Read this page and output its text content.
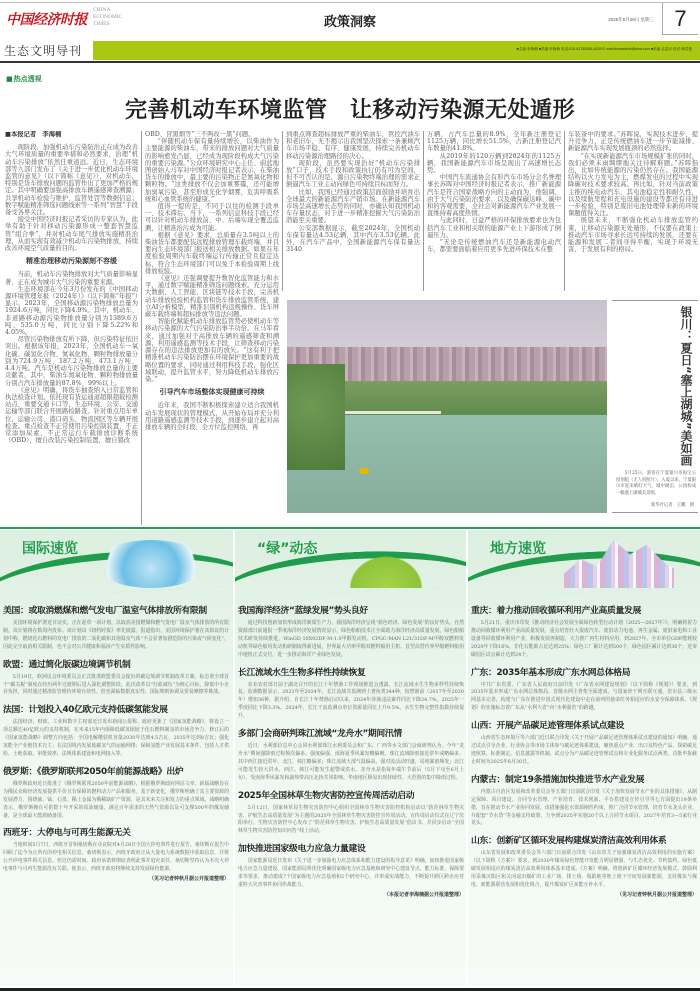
中国经济时报
CHINA
ECONOMIC
TIMES	政策洞察	2025年5月28日 星期三 7
生态文明导刊	■主编:李海楠 ■责编:李海楠 电话:010-81785185-3025 E-mail:blueseafish@sina.com ■美编:孟雷亦 校对:梅雪蕾
■ 热点透视
完善机动车环境监管　让移动污染源无处遁形

■本报记者　李海楠

现阶段，加强机动车污染防治正在成为改善大气环境质量的重要举措和必然要求，治理“机动车污染排放”依然任重道远。近日，生态环境部等九部门发布了《关于进一步优化机动车环境监管的意见》（以下简称《意见》），对机动车，特别是货车排放问题的监管作出了更加严格的规定。其中明确要加强高排放车辆遥感筛查溯源；共享机动车检验与维护、监管处罚等数据信息；数字赋能精准筛选问题线索等一系列“智慧”手段备受各界关注。

接受中国经济时报记者采访的专家认为，此举有助于针对移动污染源形成一整套智慧监管“组合拳”，并对机动车尾气排放实施精准治理，从而实现有效减少机动车污染物排放，持续改善环境空气质量的目的。

精准治理移动污染源刻不容缓

当前，机动车污染物排放对大气质量影响显著，正在成为城市大气污染的重要来源。

生态环境部在今年3月份发布的《中国移动源环境管理年报（2024年）》（以下简称“年报”）显示，2023年，全国移动源污染物排放总量为1924.6万吨，同比下降4.9%。其中，机动车、非道路移动源污染物排放量分别为1389.6万吨、535.0万吨，同比分别下降5.22%和4.05%。

尽管污染物排放有所下降，但污染特征依旧突出。根据该年报，2023年，全国机动车一氧化碳、碳氢化合物、氮氧化物、颗粒物排放量分别为724.9万吨、187.2万吨、473.1万吨、4.4万吨。汽车是机动车污染物排放总量的主要贡献者，其中，柴油车氮氧化物、颗粒物排放量分别占汽车排放量的87.8%、99%以上。

《意见》明确，将货车抽查纳入日常监管和执法检查计划。依托现有货运通道超限超载检测站点、重要交通卡口等，生态环境、公安、交通运输等部门联合开展路检路查。针对重点用车单位、运输公司、港口码头、物流园区等车辆开展检查。重点检查不正常使用污染控制装置、不正常添加尿素、不正常运行车载排放诊断系统（OBD），擅自改装污染控制装置，擅自篡改

OBD、冒黑烟等“三不两改一黑”问题。

“伴随机动车保有量持续增长，以柴油作为主要能源的柴油车，带来的排放问题对大气质量的影响愈发凸显，已经成为现阶段构成大气污染的重要污染源。”公众环境研究中心主任、蔚蓝地图创始人马军对中国经济时报记者表示，在柴油货车的排放中，最主要的污染物正是氮氧化物和颗粒物。“这类排放不仅会加重雾霾，还可能增加臭氧污染，甚至形成光化学烟雾，危害呼吸系统和心血管系统的健康。”

值得一提的是，不同于以往的检测手段单一、技术滞后，当下，一系列信息科技手段已经可以针对机动车排放前、中、后端实现全覆盖监测，让精准治污成为可能。

根据《意见》要求，总质量在3.5吨以上的柴油货车都要配装远程排放管理车载终端，并且要向生态环境部门报送相关排放数据。如果在年度检验周期内车载终端运行传输正常且稳定达标，符合生态环境部门可以免于本检验周期上线排放检验。

《意见》还强调要提升数智化监管能力和水平，通过数字赋能精准筛选问题线索。充分运用大数据、人工智能、区块链等技术手段，完善机动车排放检验机构监管和货车排放监管系统，建立AI分析模型，精准识别机构违规操作、货车屏蔽车载终端和超标排放等违法问题。

智能化赋能机动车排放监管势必使机动车等移动污染源的大气污染防治事半功倍。在马军看来，通过加强对于高排放车辆的遥感筛查和溯源，利用遥感监测等技术手段，让筛查移动污染源存在的违法排放更加有的放矢。“这有利于把精准机动车污染防治摆在环境保护更加重要的战略位置的要求，同时通过利用科技手段，强化区域联动，提升监管水平，努力降低机动车排放污染。”

引导汽车市场整体实现健康可持续

近年来，我国不断积极探索建立适合我国机动车发展现状的管理模式，从开始布局并充分利用道路遥感监测等技术手段，到逐步建立起对高排放车辆的全时段、全方位监控网络，再

到重点筛查超标排放严重的柴油车，管控汽油车和老旧车，无不揭示出我国坚决探索一条兼顾汽车市场平稳、有序、健康发展，持续完善机动车移动污染源治理路径的决心。

现阶段，虽然要实现治好“机动车污染排放”口子，技术手段和政策执行仍有可为空间，但不可否认的是，源自污染物终端治理的需求正倒逼汽车工业主动向绿色可持续目标而努力。

比如，我国已经通过政策层面鼓励并培育出全球最大的新能源汽车产销市场。在新能源汽车市场呈高速增长态势的同时，亦确认知我国机动车存量状态，对于进一步精准挖掘大气污染防治潜能至关重要。

公安部数据显示，截至2024年，全国机动车保有量达4.53亿辆，其中汽车3.53亿辆。此外，在汽车产品中，全国新能源汽车保有量达3140

万辆，占汽车总量的8.9%，全年新注册登记1125万辆，同比增长51.5%，占新注册登记汽车数量的41.8%。

从2019年的120万辆到2024年的1125万辆，我国新能源汽车市场呈现出了高速增长态势。

中国汽车流通协会有形汽车市场分会名誉理事长苏晖对中国经济时报记者表示，推广新能源汽车是符合国家战略方向的主动而为，他强调，由于大气污染防治要求，以及确保碳达峰、碳中和的客观需要，全社会对新能源汽车产业发展一直维持着高度热情。

与此同时，日益严格的环保排放要求也为包括汽车工业和相关联的能源产业上下游形成了倒逼压力。

“无论是传统燃油汽车还是新能源电动汽车，都需要面临着应用更多先进环保技术在整

车装备中的要求。”苏晖说，实现技术进步、提升竞争力，正是传统燃油车进一步节能减排、新能源汽车实现发展瓶颈的必然选择。

“在实现新能源汽车市场规模扩张的同时，我们必须未雨绸缪地关注待解难题。”苏晖指出，比如传统能源的污染仍然存在。我国能源结构以火力发电为主，燃煤发电的过程中实现降碳对技术要求较高。再比如，针对当前政策主推的纯电动汽车，其电池稳定性和耐久性，以及续航里程和充电设施的建设等都还有待进一步检验，特别是废旧电池处理带来新的环境课题值得关注。

展望未来，不断强化机动车排放监管约束，让移动污染源无处遁形，不仅要在政策上推动汽车市场寻求长远可持续的发展，还要在能源和发展二者间寻得平衡，实现于环境无害、于发展有利的格局。

银川：夏日“塞上湖城”美如画
5月25日，游客在宁夏银川市海宝公园划船（无人机照片）。入夏以来，宁夏银川市迎来晴好天气，城中湖泊、公园构成一幅塞上湖城美景图。
新华社记者　王鹏　摄
国际速览
美国：或取消燃煤和燃气发电厂温室气体排放所有限制

美国环境保护署近日证实，正在起草一项计划，以取消美国燃煤和燃气发电厂温室气体排放的所有限制。该计划将在数周内发布。该计划由《纽约时报》率先披露。报道指出，美国环境保护署在其拟议的计划中称，燃烧化石燃料的发电厂排放的二氧化碳和其他温室气体“不会显著加剧危险的污染或气候变化”，因此完全取消相关限制，也不会对公共健康和福祉产生实质性影响。

欧盟：通过简化版碳边境调节机制

5月19日，欧洲议会环境委员会正式批准欧盟委员会提出的碳边境调节机制改革方案，标志着全球首个“碳关税”制度在经历两年过渡期后进入深化调整阶段。此次改革以“行政减负”为核心目标，降低中小企业负担，同时通过精准监管维持环境有效性。但也面临数据真实性、国际规则协调及贸易摩擦等挑战。

法国：计划投入40亿欧元支持低碳氢能发展

法国经济、财政、工业和数字主权部近日发布新闻公报称，政府更新了《国家氢能战略》，将设立一项总额达40亿欧元的支持机制，在未来15年内保障低碳氢相较于化石燃料制氢的市场竞争力。修订后的《国家氢能战略》调整方向包括：全国电解槽装机容量2030年达到4.5吉瓦，2035年达到8吉瓦；强化氢能全产业链技术自主；在法国境内发展低碳氢气的运输网络；保障氢能产业发展基本条件，包括人才供给、土地获取、审批效率、法规体系建设和电网接入等。

俄罗斯：《俄罗斯联邦2050年前能源战略》出炉

俄罗斯政府近日批准了《俄罗斯联邦2050年前能源战略》。根据俄罗斯政府网站文章，新版战略旨在为俄民众和经济发展提供平价且有保障的燃料动力产品和服务。基于新变化，俄罗斯明确了其主要资源的发展潜力，围绕铀、锰、石墨、稀土金属为俄稀缺矿产资源，是其未来关注和发力的重点领域。战略明确表示，俄罗斯拥有可供数十年开采的原油储量，满足百年需求的天然气资源以及可支撑500年的煤炭储备，是全球最大能源储备国。

西班牙：大停电与可再生能源无关

当地时间5月7日，西班牙首相桑切斯在众议院对4月28日全国大停电事件进行报告。桑切斯在报告中回顾了迄今为止所有的停电相关信息。桑切斯表示，西班牙政府正从大量电力系统数据中获取信息，并将公开停电事件相关信息，但这仍需时间。政府承诺将彻底查明此事并追究责任。桑切斯坚持认为本次大停电事件与可再生能源没有关联。他表示，西班牙政府将继续支持发展绿色能源。

（见习记者钟秋月据公开报道整理）

“绿”动态
我国海洋经济“蓝绿发展”势头良好

通过科技创新加快形成海洋新质生产力，我国海洋经济呈现“蓝色经济、绿色发展”的良好势头。自然资源部日前通报一季度海洋经济发展情况显示，绿色船舶技术正全面助力海洋经济高质量发展。绿色船舶技术研发持续推进，WinGD 10X92DF-M-1.0甲醇发动机、CPGC-MAN L21/31DF-M甲醇双燃料发动机等绿色船用发动机研制取得新进展，世界最大功率甲醇双燃料船用主机、首型高替代率甲醇燃料船用中速机正式交付，进一步推动海洋产业绿色发展。

长江流域水生生物多样性持续恢复

农业农村部日前于湖北召开的长江十年禁渔工作现场推进会透露，长江流域水生生物多样性持续恢复。监测数据显示，2021年至2024年，长江流域共监测到土著鱼类344种，较禁渔前（2017年至2020年）增加36种。据介绍，自长江十年禁渔启动以来，2024年涉渔违法案件同比下降24.7%，2025年一季度同比下降3.3%。2024年，长江干流监测点单位资源量同比上升9.5%，水生生物完整性指数持续提升。

多部门会商研判珠江流域“龙舟水”期间汛情

近日，水利部信息中心会同水利部珠江水利委员会和广东、广西等水文部门会商研判认为，今年“龙舟水”期间强降雨过程频次偏多、强度偏强，南海夏季风暴发略偏晚，珠江流域降雨接近常年或略偏多，其中西江接近常年，北江、韩江略偏多；珠江流域大部气温偏高，强对流活动旺盛，局地暴雨频发；北江可能发生较大洪水，西江、韩江可能发生超警或洪水。龙舟水是指每年端午节前后（5月下旬至6月上旬），受南海季风暴发和副热带高压北抬共同影响，华南地区极易出现持续性、大范围的集中降雨过程。

2025年全国林草生物灾害防控宣传周活动启动

5月12日，国家林草局生物灾害防控中心组织全国林草生物灾害防控机构启动以“防范林草生物灾害，护航生态高质量发展”为主题的2025年全国林草生物灾害防控宣传周活动。宣传周启动仪式在辽宁沈阳举行。生物灾害防控中心发布了“防范林草生物灾害，护航生态高质量发展”倡议书，并同步启动“全国林草生物灾害防控知识问答”线上活动。

加快推进国家级电力应急力量建设

国家能源局近日发布《关于进一步加强电力应急体系和能力建设的指导意见》明确，加快推进国家级电力应急力量建设。国家能源局将优化明确国家级电力应急基地和研究中心建设节点、能力标准、保障要求等要求，推动建成7个国家级电力应急基地和2个研究中心，并形成实战能力，不断提升跨区跨企应对重特大灾害事件协同作战能力。

（本报记者李海楠据公开报道整理）

地方速览
重庆：着力推动回收循环利用产业高质量发展

5月21日，重庆市印发《推动经济社会发展全面绿色转型行动计划（2025—2027年）》，明确将着力推动回收循环利用产业高质量发展，重点培育壮大报废汽车、废旧动力电池、再生金属、废旧家电和工业设备等回收循环利用产业，积极发展再制造，大力推广再生材料应用。到2027年，全市单位GDP能耗较2020年下降16%，非化石能源占比达到25%；绿色工厂累计达到500个，绿色园区累计达到36个，近零碳园区试点累计达到24个。

广东：2035年基本形成广东水网总体格局

中共广东省委、广东省人民政府日前印发《广东省水网建设规划》（以下简称《规划》）要求，到2035年基本形成广东水网总体格局，省级水网主骨架全面建成，与国家骨干网互联互通，省市县三级水网基本完善，构建与广东在推进中国式现代化建设中走在前列的使命任务相适应的水安全保障体系。《规划》的实施标志着广东从“水利大省”向“水利强省”的跨越。

山西：开展产品碳足迹管理体系试点建设

山西省生态环境厅等六部门近日联合印发《关于开展产品碳足迹管理体系试点建设的通知》明确，通过试点引导企业、行业协会等市场主体参与碳足迹体系建设，聚焦重点产业、出口及特色产品，探索碳足迹核算、标准制定、信息披露等机制。试点分为产品碳足迹管理试点和专业化服务试点两类，首批申报截止时间为2025年6月30日。

内蒙古：制定19条措施加快推进节水产业发展

内蒙古自治区发展和改革委员会等五部门日前联合印发《关于加快发展节水产业的具体措施》，从制定保障、项目建设、合同节水管理、产业培育、技术创新、平台搭建及宣传引导等七方面提出19条举措，旨在推动节水产业协同发展。该措施强化水资源刚性约束，推广合同节水管理，培育节水龙头企业，并配套“节水贷”等金融支持政策，力争到2025年实施20个以上合同节水项目，2027年培育3—5家行业龙头。

山东：创新矿区循环发展构建煤炭清洁高效利用体系

山东省发展和改革委员会等六部门日前联合印发《山东省关于加强煤炭清洁高效利用的实施方案》（以下简称《方案》）要求，到2030年煤炭绿色智能开发能力明显增强，与生态优先、节约集约、绿色低碳发展相适应的煤炭清洁高效利用体系基本建成。《方案》明确，将创新矿区循环经济发展模式，鼓励利用采煤沉陷区和关闭退出煤矿的工业广场、排土场、塌陷地等地上地下空间发展新能源，支持煤炭与煤电、新能源联营发展和优化组合，提升煤炭矿区多能互补水平。

（见习记者钟秋月据公开报道整理）
